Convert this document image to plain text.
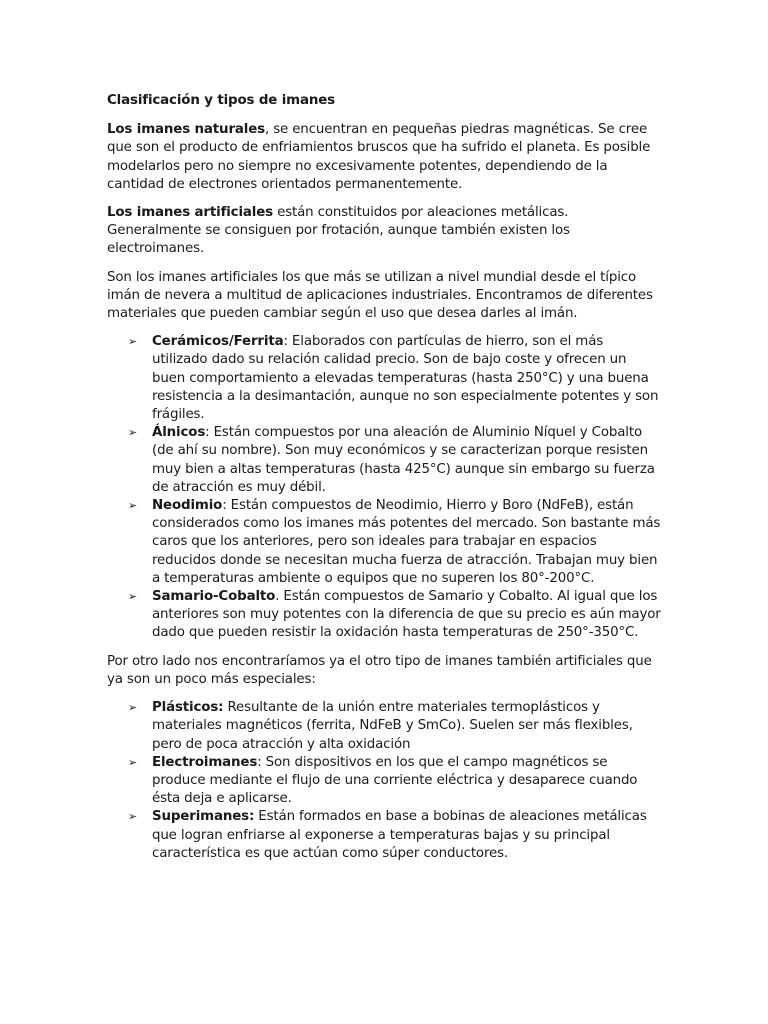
Clasificación y tipos de imanes

Los imanes naturales, se encuentran en pequeñas piedras magnéticas. Se cree que son el producto de enfriamientos bruscos que ha sufrido el planeta. Es posible modelarlos pero no siempre no excesivamente potentes, dependiendo de la cantidad de electrones orientados permanentemente.

Los imanes artificiales están constituidos por aleaciones metálicas. Generalmente se consiguen por frotación, aunque también existen los electroimanes.

Son los imanes artificiales los que más se utilizan a nivel mundial desde el típico imán de nevera a multitud de aplicaciones industriales. Encontramos de diferentes materiales que pueden cambiar según el uso que desea darles al imán.

➢ Cerámicos/Ferrita: Elaborados con partículas de hierro, son el más utilizado dado su relación calidad precio. Son de bajo coste y ofrecen un buen comportamiento a elevadas temperaturas (hasta 250°C) y una buena resistencia a la desimantación, aunque no son especialmente potentes y son frágiles.
➢ Álnicos: Están compuestos por una aleación de Aluminio Níquel y Cobalto (de ahí su nombre). Son muy económicos y se caracterizan porque resisten muy bien a altas temperaturas (hasta 425°C) aunque sin embargo su fuerza de atracción es muy débil.
➢ Neodimio: Están compuestos de Neodimio, Hierro y Boro (NdFeB), están considerados como los imanes más potentes del mercado. Son bastante más caros que los anteriores, pero son ideales para trabajar en espacios reducidos donde se necesitan mucha fuerza de atracción. Trabajan muy bien a temperaturas ambiente o equipos que no superen los 80°-200°C.
➢ Samario-Cobalto. Están compuestos de Samario y Cobalto. Al igual que los anteriores son muy potentes con la diferencia de que su precio es aún mayor dado que pueden resistir la oxidación hasta temperaturas de 250°-350°C.

Por otro lado nos encontraríamos ya el otro tipo de imanes también artificiales que ya son un poco más especiales:

➢ Plásticos: Resultante de la unión entre materiales termoplásticos y materiales magnéticos (ferrita, NdFeB y SmCo). Suelen ser más flexibles, pero de poca atracción y alta oxidación
➢ Electroimanes: Son dispositivos en los que el campo magnéticos se produce mediante el flujo de una corriente eléctrica y desaparece cuando ésta deja e aplicarse.
➢ Superimanes: Están formados en base a bobinas de aleaciones metálicas que logran enfriarse al exponerse a temperaturas bajas y su principal característica es que actúan como súper conductores.
